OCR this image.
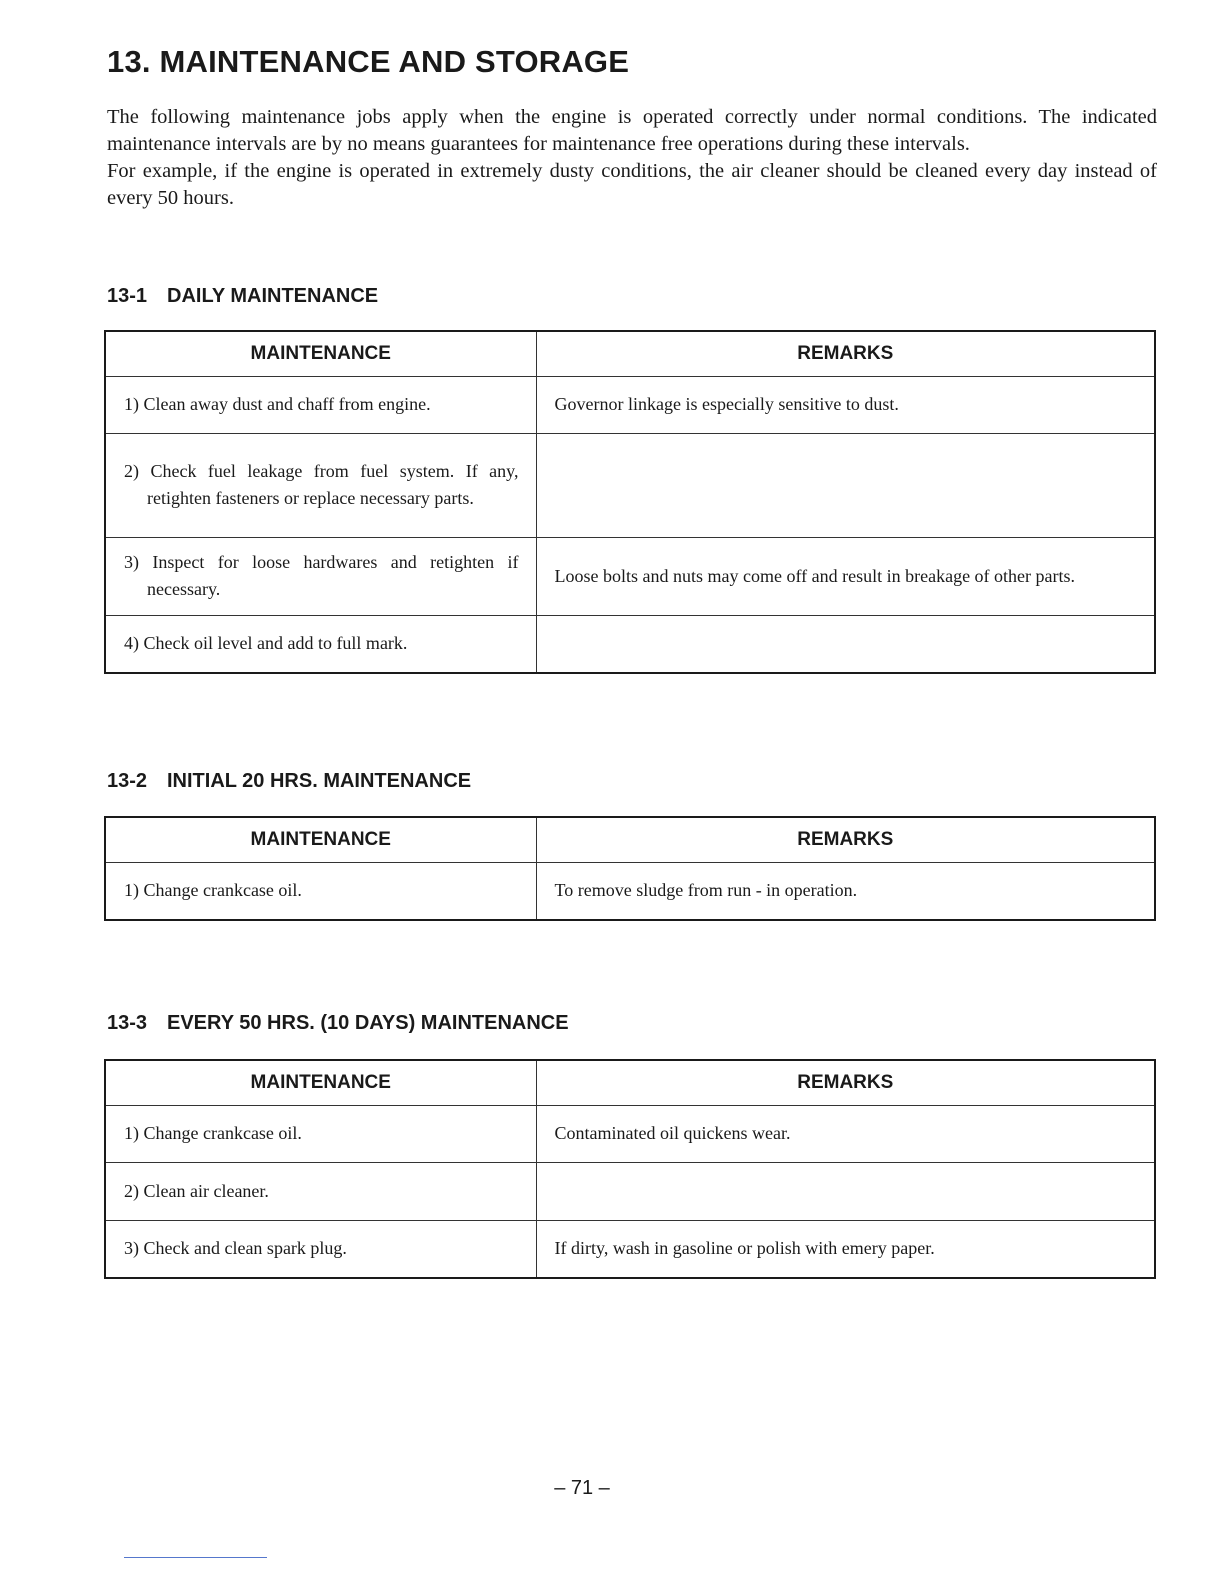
13. MAINTENANCE AND STORAGE

The following maintenance jobs apply when the engine is operated correctly under normal conditions. The indicated maintenance intervals are by no means guarantees for maintenance free operations during these intervals.

For example, if the engine is operated in extremely dusty conditions, the air cleaner should be cleaned every day instead of every 50 hours.

13-1 DAILY MAINTENANCE
MAINTENANCE	REMARKS
1) Clean away dust and chaff from engine.	Governor linkage is especially sensitive to dust.
2) Check fuel leakage from fuel system. If any, retighten fasteners or replace necessary parts.	
3) Inspect for loose hardwares and retighten if necessary.	Loose bolts and nuts may come off and result in breakage of other parts.
4) Check oil level and add to full mark.	
13-2 INITIAL 20 HRS. MAINTENANCE
MAINTENANCE	REMARKS
1) Change crankcase oil.	To remove sludge from run - in operation.
13-3 EVERY 50 HRS. (10 DAYS) MAINTENANCE
MAINTENANCE	REMARKS
1) Change crankcase oil.	Contaminated oil quickens wear.
2) Clean air cleaner.	
3) Check and clean spark plug.	If dirty, wash in gasoline or polish with emery paper.

– 71 –
